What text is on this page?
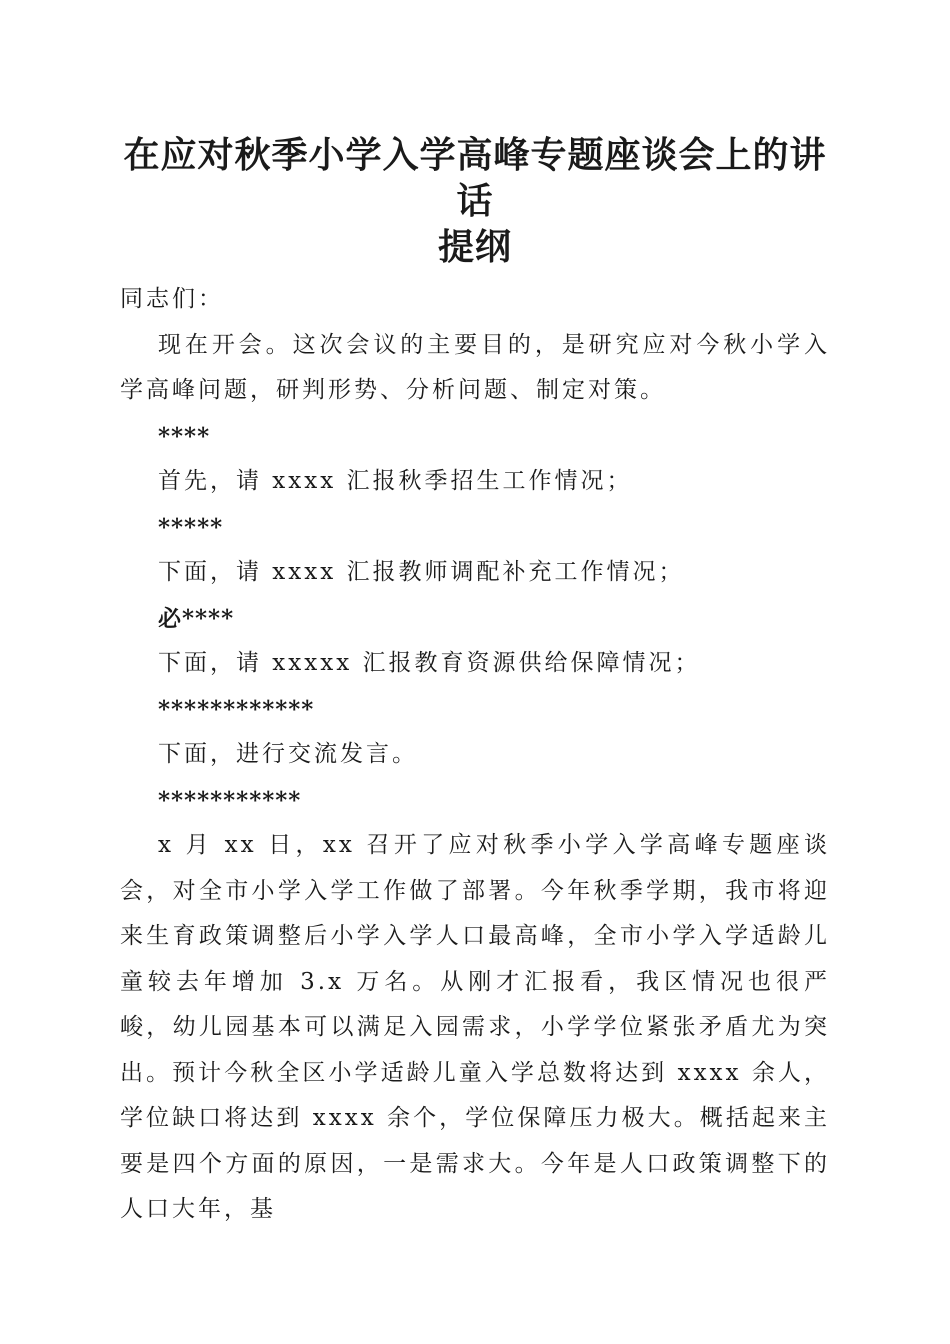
在应对秋季小学入学高峰专题座谈会上的讲话
提纲

同志们：

现在开会。这次会议的主要目的，是研究应对今秋小学入学高峰问题，研判形势、分析问题、制定对策。

****

首先，请 xxxx 汇报秋季招生工作情况；

*****

下面，请 xxxx 汇报教师调配补充工作情况；

必****

下面，请 xxxxx 汇报教育资源供给保障情况；

************

下面，进行交流发言。

***********

x 月 xx 日，xx 召开了应对秋季小学入学高峰专题座谈会，对全市小学入学工作做了部署。今年秋季学期，我市将迎来生育政策调整后小学入学人口最高峰，全市小学入学适龄儿童较去年增加 3.x 万名。从刚才汇报看，我区情况也很严峻，幼儿园基本可以满足入园需求，小学学位紧张矛盾尤为突出。预计今秋全区小学适龄儿童入学总数将达到 xxxx 余人，学位缺口将达到 xxxx 余个，学位保障压力极大。概括起来主要是四个方面的原因，一是需求大。今年是人口政策调整下的人口大年，基
